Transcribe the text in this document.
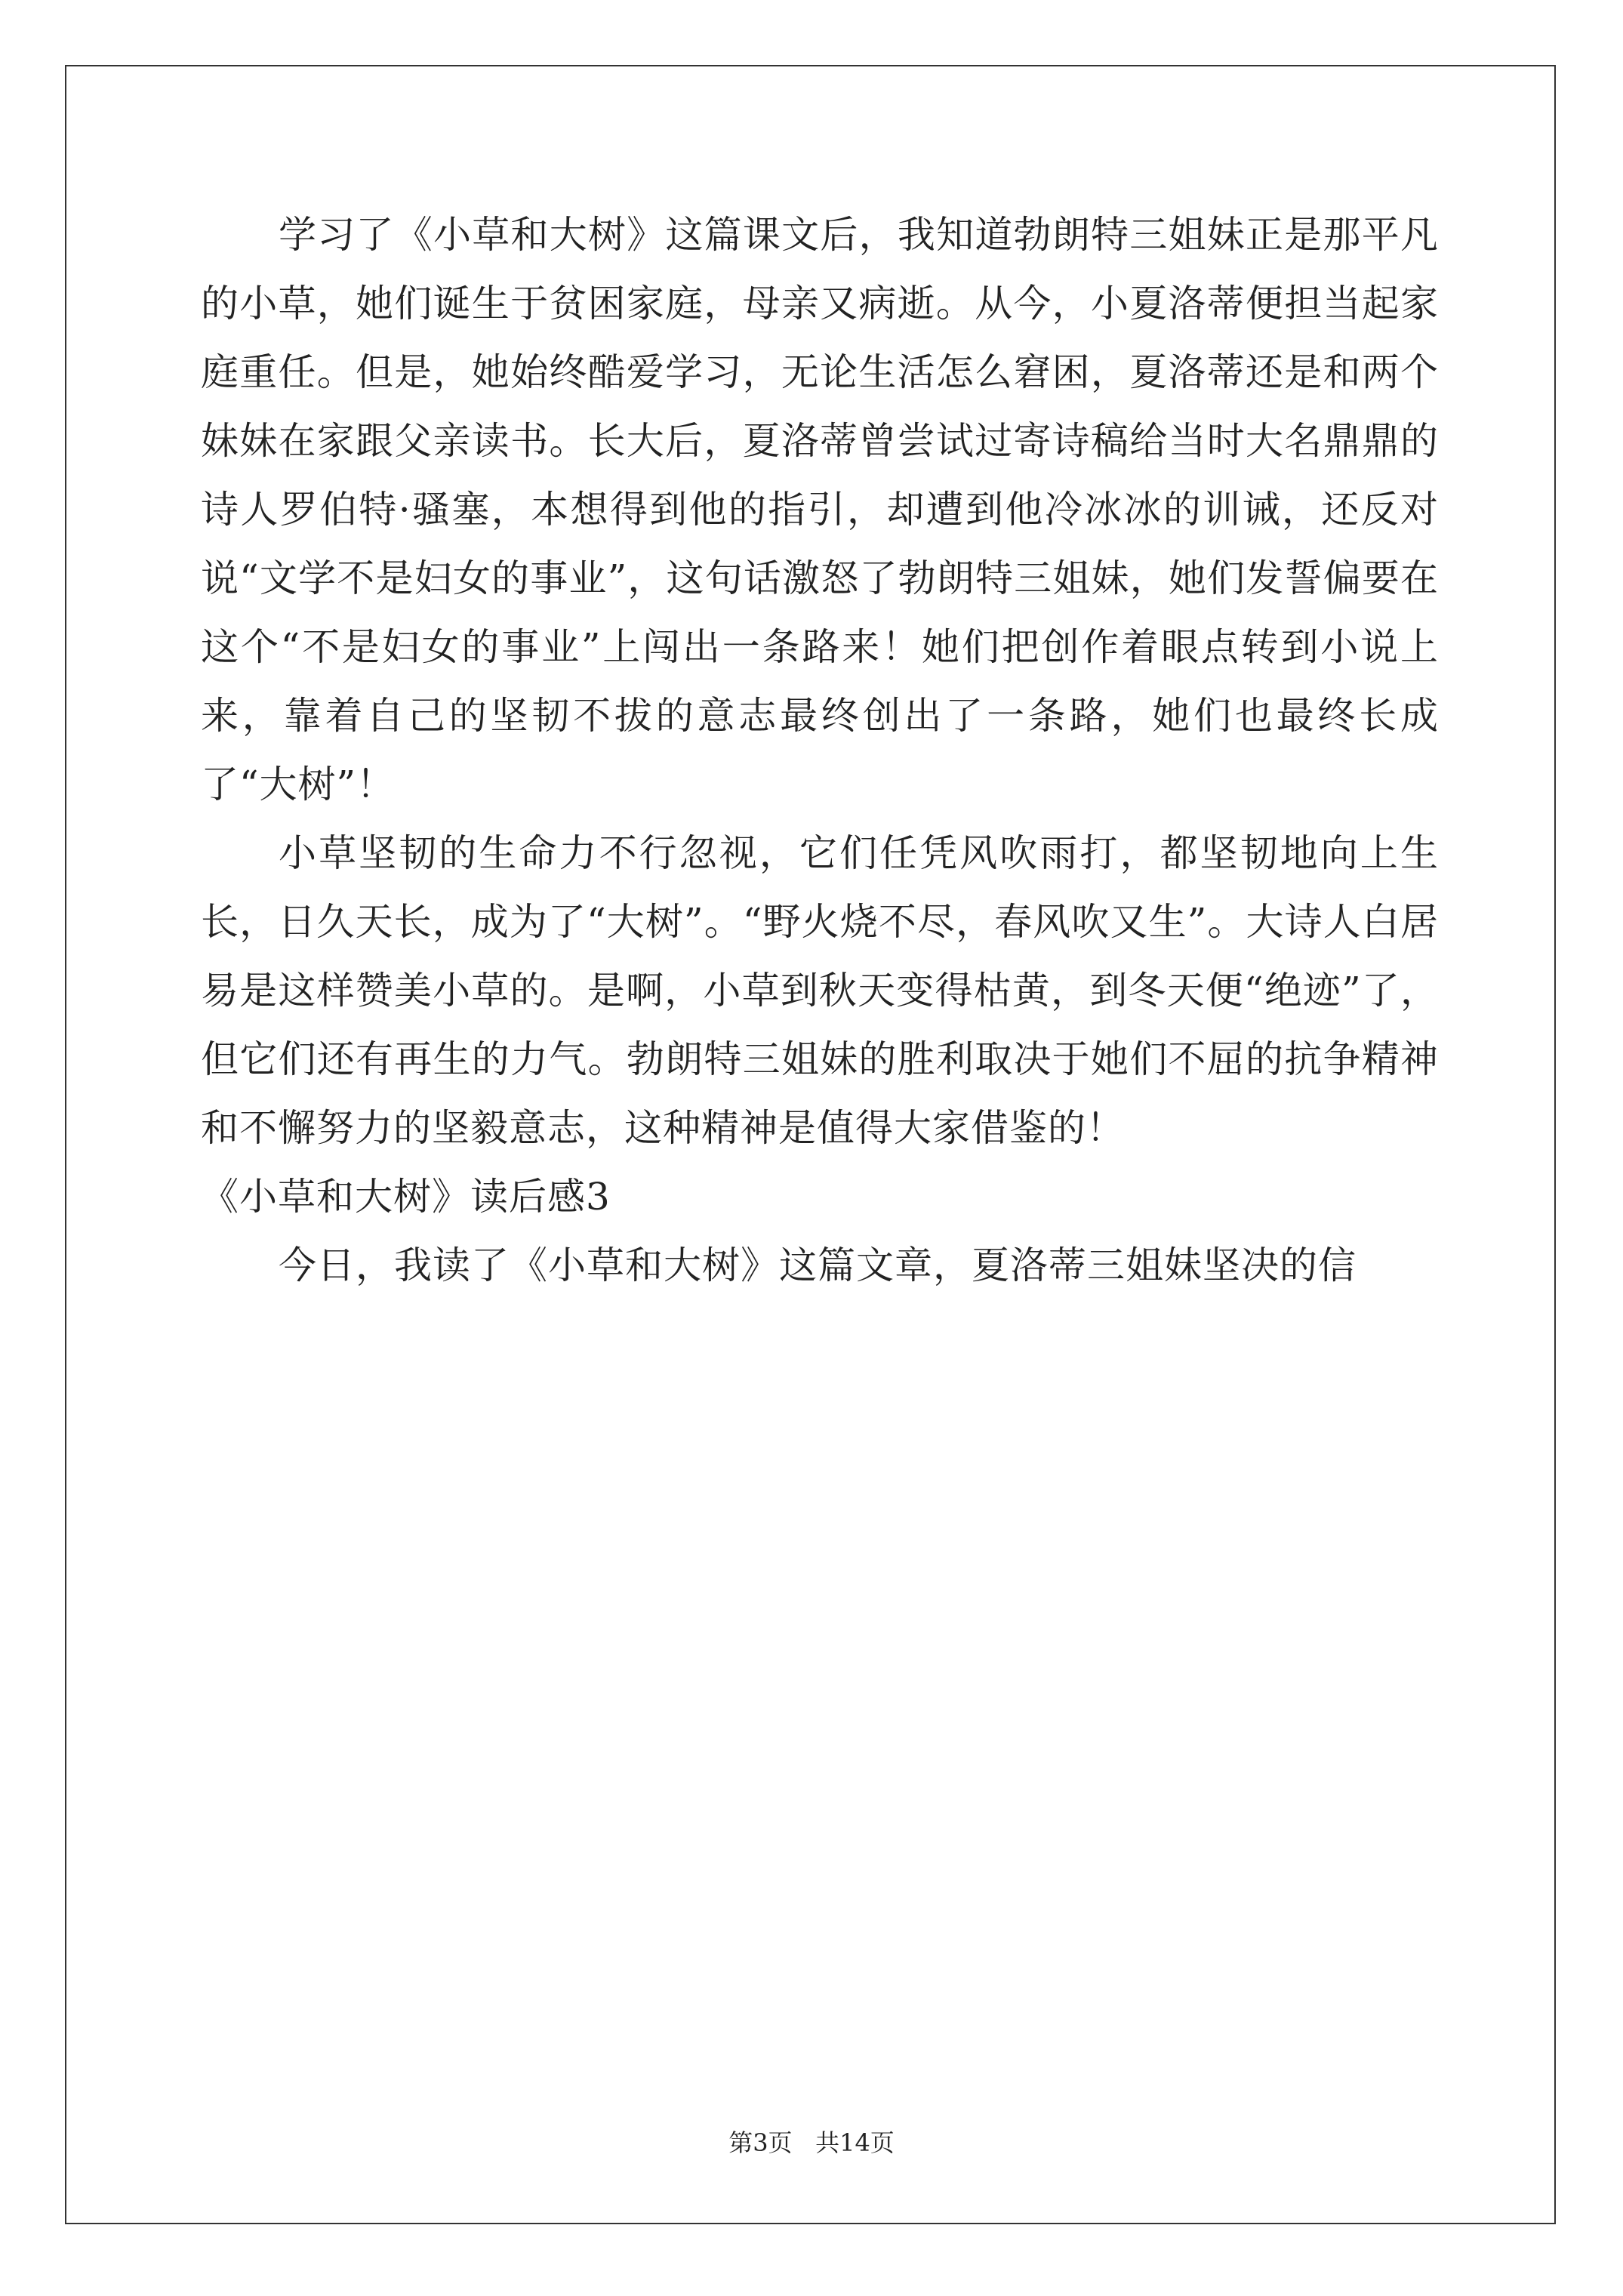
学习了《小草和大树》这篇课文后，我知道勃朗特三姐妹正是那平凡的小草，她们诞生于贫困家庭，母亲又病逝。从今，小夏洛蒂便担当起家庭重任。但是，她始终酷爱学习，无论生活怎么窘困，夏洛蒂还是和两个妹妹在家跟父亲读书。长大后，夏洛蒂曾尝试过寄诗稿给当时大名鼎鼎的诗人罗伯特·骚塞，本想得到他的指引，却遭到他冷冰冰的训诫，还反对说“文学不是妇女的事业”，这句话激怒了勃朗特三姐妹，她们发誓偏要在这个“不是妇女的事业”上闯出一条路来！她们把创作着眼点转到小说上来，靠着自己的坚韧不拔的意志最终创出了一条路，她们也最终长成了“大树”！

小草坚韧的生命力不行忽视，它们任凭风吹雨打，都坚韧地向上生长，日久天长，成为了“大树”。“野火烧不尽，春风吹又生”。大诗人白居易是这样赞美小草的。是啊，小草到秋天变得枯黄，到冬天便“绝迹”了，但它们还有再生的力气。勃朗特三姐妹的胜利取决于她们不屈的抗争精神和不懈努力的坚毅意志，这种精神是值得大家借鉴的！

《小草和大树》读后感3

今日，我读了《小草和大树》这篇文章，夏洛蒂三姐妹坚决的信

第3页 共14页
